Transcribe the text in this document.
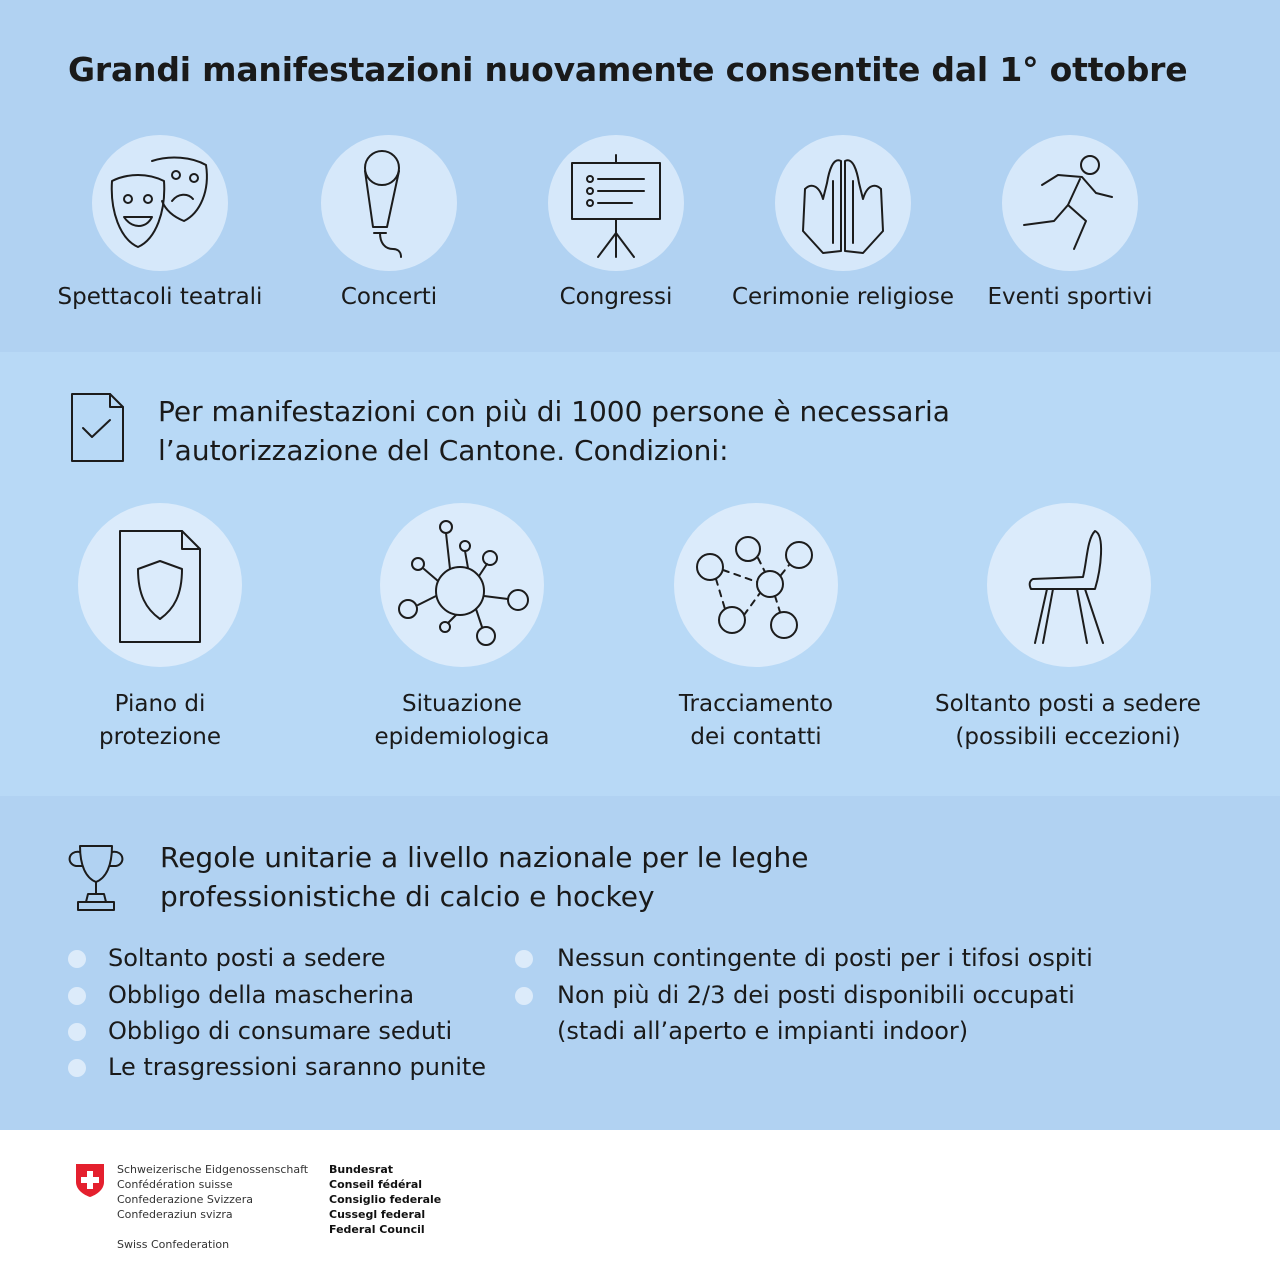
Grandi manifestazioni nuovamente consentite dal 1° ottobre
Spettacoli teatrali	Concerti	Congressi	Cerimonie religiose	Eventi sportivi
Per manifestazioni con più di 1000 persone è necessaria
l’autorizzazione del Cantone. Condizioni:
Piano di
protezione
Situazione
epidemiologica
Tracciamento
dei contatti
Soltanto posti a sedere
(possibili eccezioni)
Regole unitarie a livello nazionale per le leghe
professionistiche di calcio e hockey
Soltanto posti a sedere
Obbligo della mascherina
Obbligo di consumare seduti
Le trasgressioni saranno punite
Nessun contingente di posti per i tifosi ospiti
Non più di 2/3 dei posti disponibili occupati
(stadi all’aperto e impianti indoor)
Schweizerische Eidgenossenschaft
Confédération suisse
Confederazione Svizzera
Confederaziun svizra
Swiss Confederation
Bundesrat
Conseil fédéral
Consiglio federale
Cussegl federal
Federal Council
